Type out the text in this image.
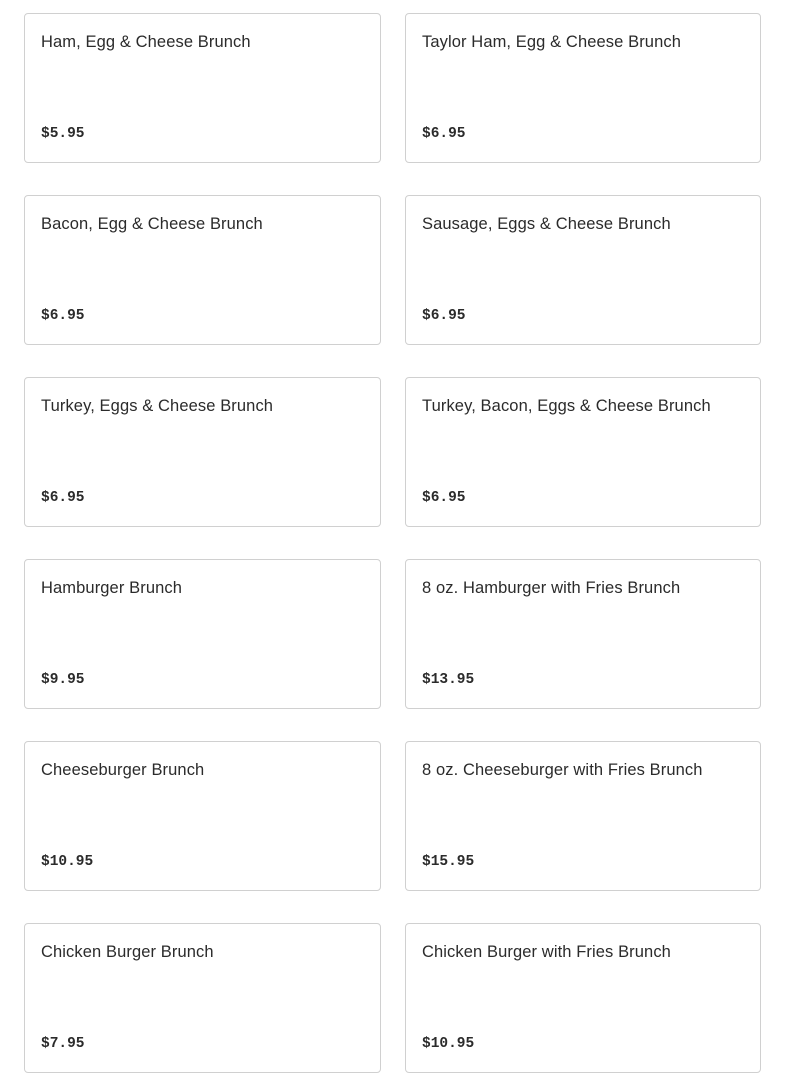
Ham, Egg & Cheese Brunch
$5.95
Taylor Ham, Egg & Cheese Brunch
$6.95
Bacon, Egg & Cheese Brunch
$6.95
Sausage, Eggs & Cheese Brunch
$6.95
Turkey, Eggs & Cheese Brunch
$6.95
Turkey, Bacon, Eggs & Cheese Brunch
$6.95
Hamburger Brunch
$9.95
8 oz. Hamburger with Fries Brunch
$13.95
Cheeseburger Brunch
$10.95
8 oz. Cheeseburger with Fries Brunch
$15.95
Chicken Burger Brunch
$7.95
Chicken Burger with Fries Brunch
$10.95
